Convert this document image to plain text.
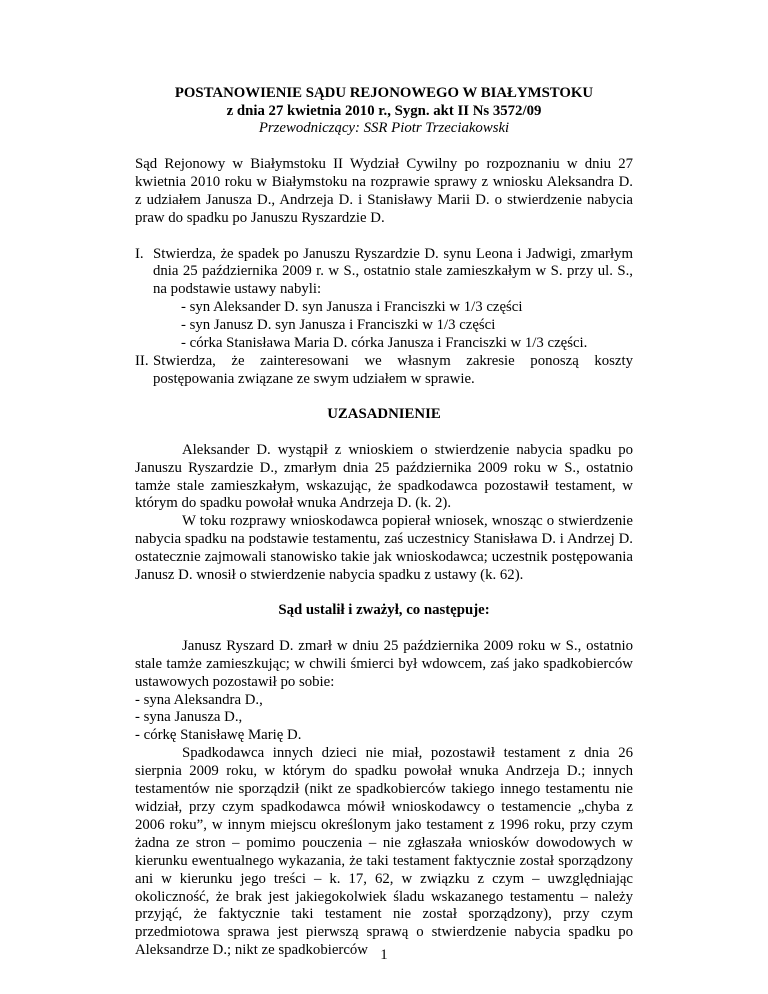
POSTANOWIENIE SĄDU REJONOWEGO W BIAŁYMSTOKU

z dnia 27 kwietnia 2010 r., Sygn. akt II Ns 3572/09

Przewodniczący: SSR Piotr Trzeciakowski

Sąd Rejonowy w Białymstoku II Wydział Cywilny po rozpoznaniu w dniu 27 kwietnia 2010 roku w Białymstoku na rozprawie sprawy z wniosku Aleksandra D. z udziałem Janusza D., Andrzeja D. i Stanisławy Marii D. o stwierdzenie nabycia praw do spadku po Januszu Ryszardzie D.

I. Stwierdza, że spadek po Januszu Ryszardzie D. synu Leona i Jadwigi, zmarłym dnia 25 października 2009 r. w S., ostatnio stale zamieszkałym w S. przy ul. S., na podstawie ustawy nabyli:
- syn Aleksander D. syn Janusza i Franciszki w 1/3 części
- syn Janusz D. syn Janusza i Franciszki w 1/3 części
- córka Stanisława Maria D. córka Janusza i Franciszki w 1/3 części.
II. Stwierdza, że zainteresowani we własnym zakresie ponoszą koszty postępowania związane ze swym udziałem w sprawie.

UZASADNIENIE

Aleksander D. wystąpił z wnioskiem o stwierdzenie nabycia spadku po Januszu Ryszardzie D., zmarłym dnia 25 października 2009 roku w S., ostatnio tamże stale zamieszkałym, wskazując, że spadkodawca pozostawił testament, w którym do spadku powołał wnuka Andrzeja D. (k. 2).

W toku rozprawy wnioskodawca popierał wniosek, wnosząc o stwierdzenie nabycia spadku na podstawie testamentu, zaś uczestnicy Stanisława D. i Andrzej D. ostatecznie zajmowali stanowisko takie jak wnioskodawca; uczestnik postępowania Janusz D. wnosił o stwierdzenie nabycia spadku z ustawy (k. 62).

Sąd ustalił i zważył, co następuje:

Janusz Ryszard D. zmarł w dniu 25 października 2009 roku w S., ostatnio stale tamże zamieszkując; w chwili śmierci był wdowcem, zaś jako spadkobierców ustawowych pozostawił po sobie:

- syna Aleksandra D.,
- syna Janusza D.,
- córkę Stanisławę Marię D.

Spadkodawca innych dzieci nie miał, pozostawił testament z dnia 26 sierpnia 2009 roku, w którym do spadku powołał wnuka Andrzeja D.; innych testamentów nie sporządził (nikt ze spadkobierców takiego innego testamentu nie widział, przy czym spadkodawca mówił wnioskodawcy o testamencie „chyba z 2006 roku”, w innym miejscu określonym jako testament z 1996 roku, przy czym żadna ze stron – pomimo pouczenia – nie zgłaszała wniosków dowodowych w kierunku ewentualnego wykazania, że taki testament faktycznie został sporządzony ani w kierunku jego treści – k. 17, 62, w związku z czym – uwzględniając okoliczność, że brak jest jakiegokolwiek śladu wskazanego testamentu – należy przyjąć, że faktycznie taki testament nie został sporządzony), przy czym przedmiotowa sprawa jest pierwszą sprawą o stwierdzenie nabycia spadku po Aleksandrze D.; nikt ze spadkobierców 1
